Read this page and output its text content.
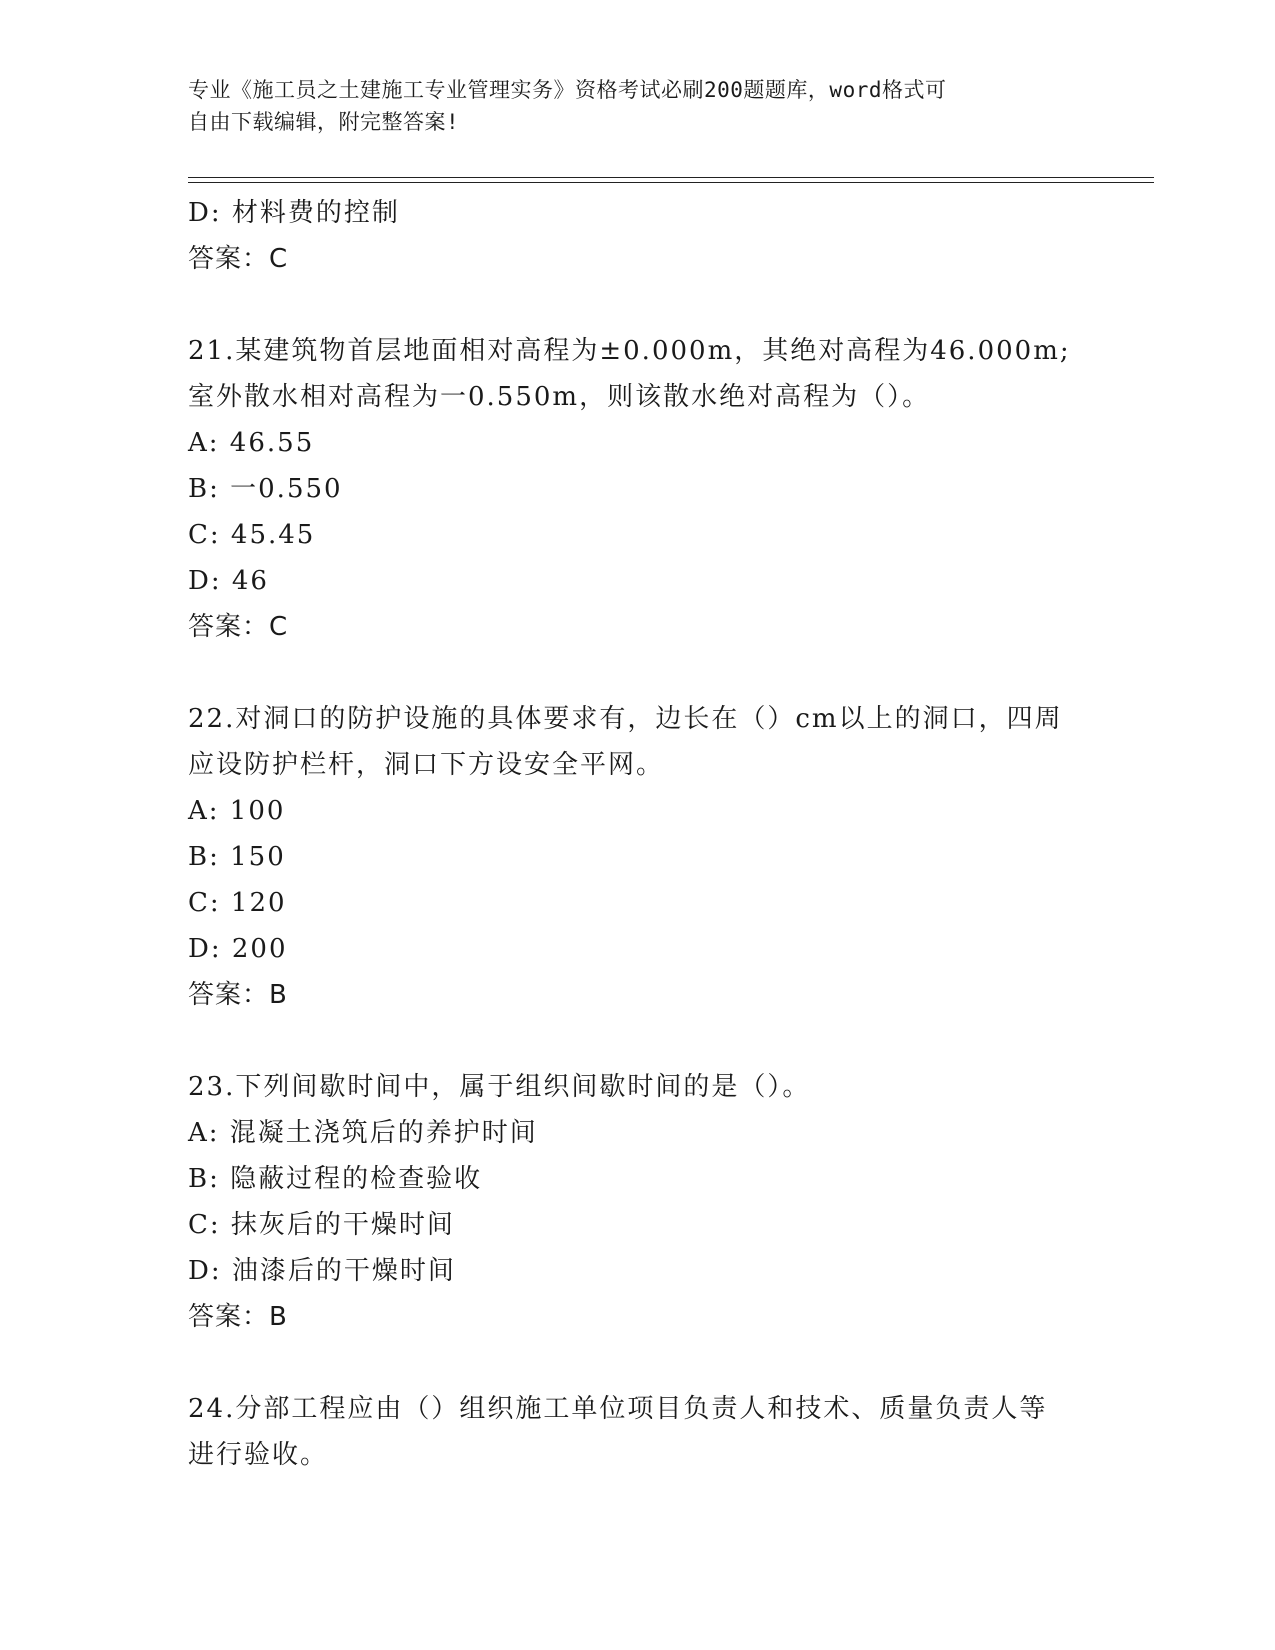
专业《施工员之土建施工专业管理实务》资格考试必刷200题题库，word格式可
自由下载编辑，附完整答案!
D: 材料费的控制
答案：C
21.某建筑物首层地面相对高程为±0.000m，其绝对高程为46.000m;
室外散水相对高程为一0.550m，则该散水绝对高程为（）。
A: 46.55
B: 一0.550
C: 45.45
D: 46
答案：C
22.对洞口的防护设施的具体要求有，边长在（）cm以上的洞口，四周
应设防护栏杆，洞口下方设安全平网。
A: 100
B: 150
C: 120
D: 200
答案：B
23.下列间歇时间中，属于组织间歇时间的是（）。
A: 混凝土浇筑后的养护时间
B: 隐蔽过程的检查验收
C: 抹灰后的干燥时间
D: 油漆后的干燥时间
答案：B
24.分部工程应由（）组织施工单位项目负责人和技术、质量负责人等
进行验收。
